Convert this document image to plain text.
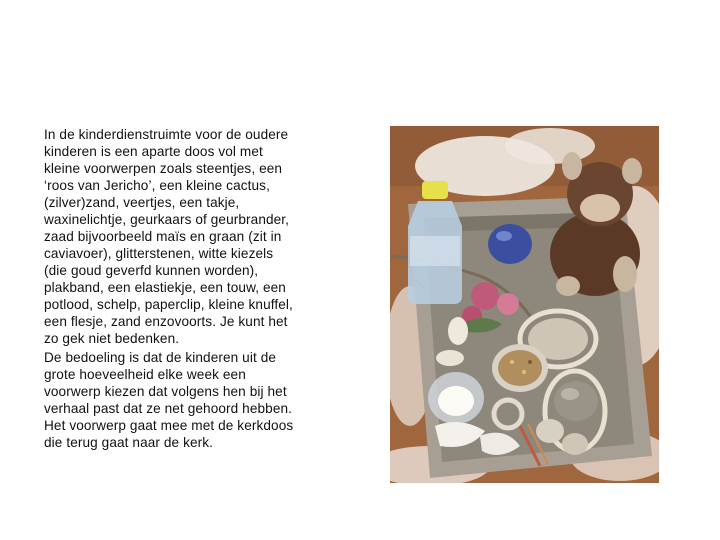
In de kinderdienstruimte voor de oudere
kinderen is een aparte doos vol met
kleine voorwerpen zoals steentjes, een
‘roos van Jericho’, een kleine cactus,
(zilver)zand, veertjes, een takje,
waxinelichtje, geurkaars of geurbrander,
zaad bijvoorbeeld maïs en graan (zit in
caviavoer), glitterstenen, witte kiezels
(die goud geverfd kunnen worden),
plakband, een elastiekje, een touw, een
potlood, schelp, paperclip, kleine knuffel,
een flesje, zand enzovoorts. Je kunt het
zo gek niet bedenken.

De bedoeling is dat de kinderen uit de
grote hoeveelheid elke week een
voorwerp kiezen dat volgens hen bij het
verhaal past dat ze net gehoord hebben.
Het voorwerp gaat mee met de kerkdoos
die terug gaat naar de kerk.
